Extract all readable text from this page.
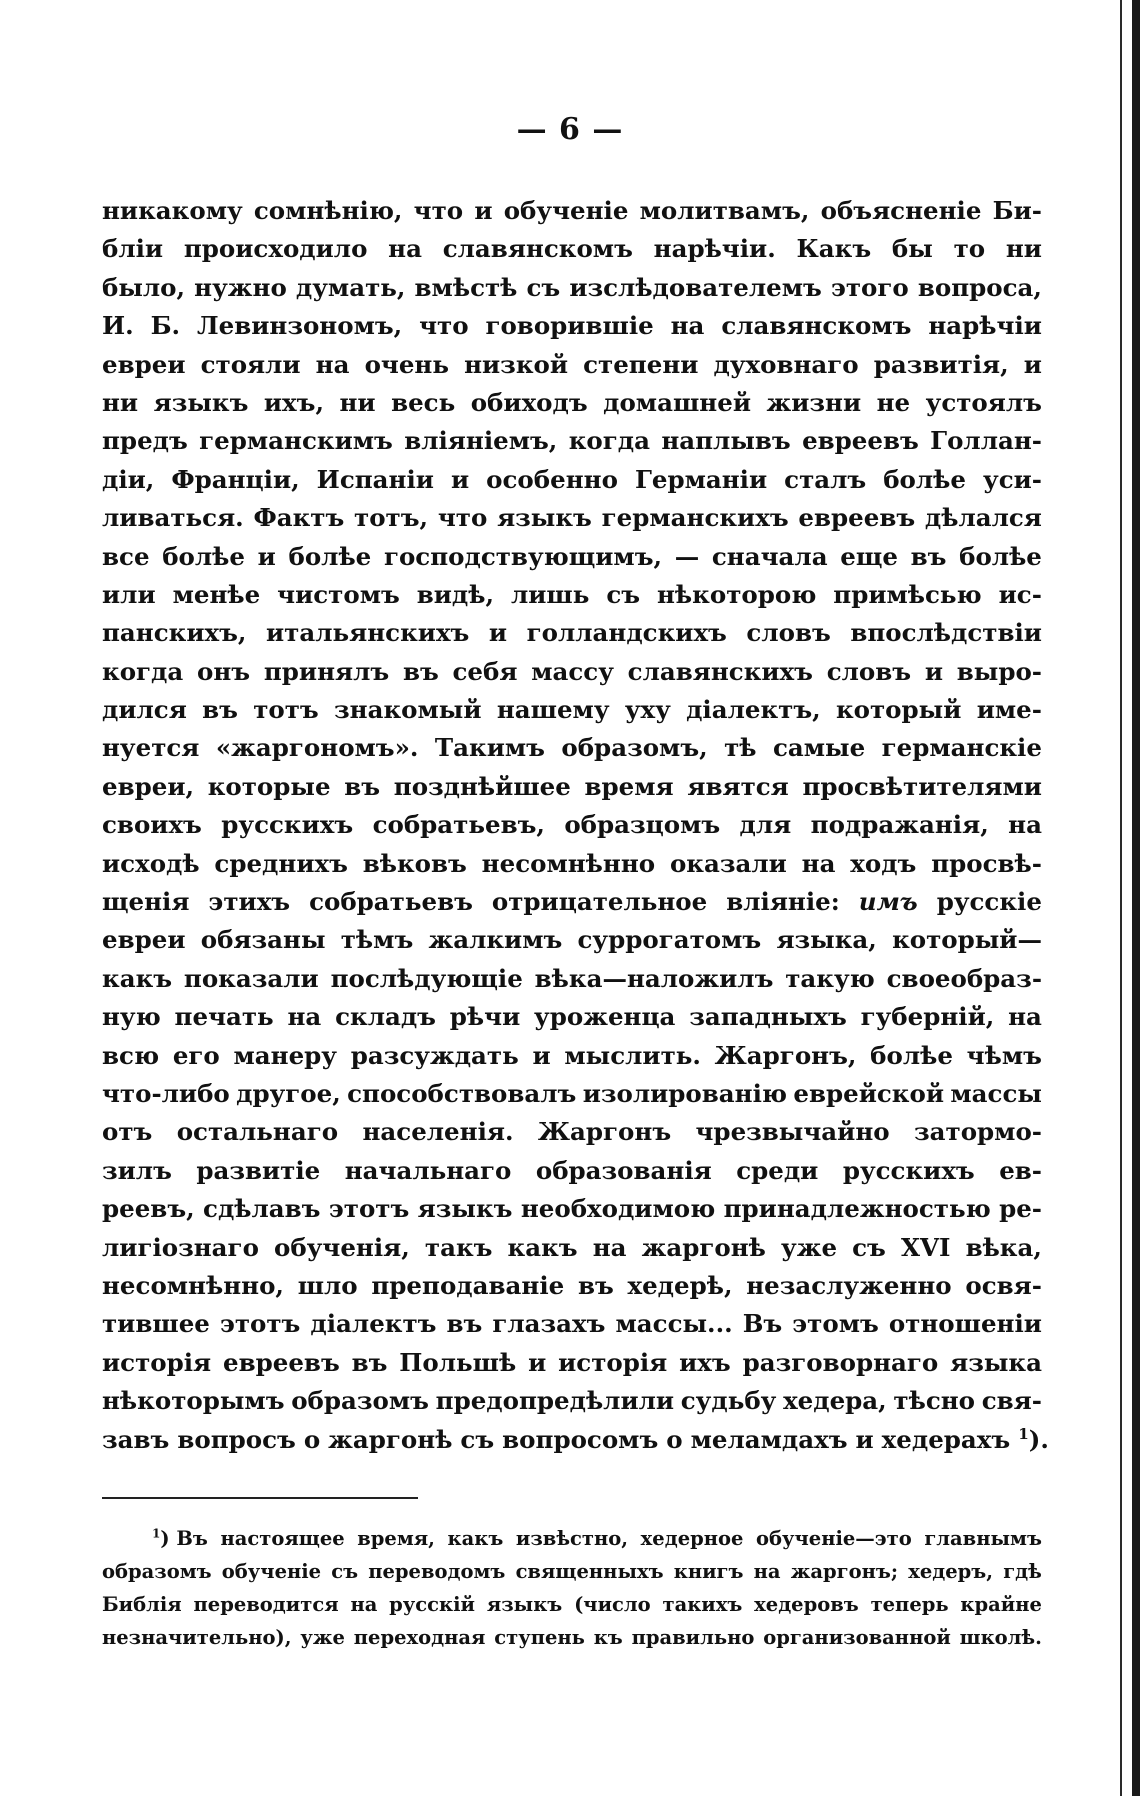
— 6 —
никакому сомнѣнію, что и обученіе молитвамъ, объясненіе Би-
бліи происходило на славянскомъ нарѣчіи. Какъ бы то ни
было, нужно думать, вмѣстѣ съ изслѣдователемъ этого вопроса,
И. Б. Левинзономъ, что говорившіе на славянскомъ нарѣчіи
евреи стояли на очень низкой степени духовнаго развитія, и
ни языкъ ихъ, ни весь обиходъ домашней жизни не устоялъ
предъ германскимъ вліяніемъ, когда наплывъ евреевъ Голлан-
діи, Франціи, Испаніи и особенно Германіи сталъ болѣе уси-
ливаться. Фактъ тотъ, что языкъ германскихъ евреевъ дѣлался
все болѣе и болѣе господствующимъ, — сначала еще въ болѣе
или менѣе чистомъ видѣ, лишь съ нѣкоторою примѣсью ис-
панскихъ, итальянскихъ и голландскихъ словъ впослѣдствіи
когда онъ принялъ въ себя массу славянскихъ словъ и выро-
дился въ тотъ знакомый нашему уху діалектъ, который име-
нуется «жаргономъ». Такимъ образомъ, тѣ самые германскіе
евреи, которые въ позднѣйшее время явятся просвѣтителями
своихъ русскихъ собратьевъ, образцомъ для подражанія, на
исходѣ среднихъ вѣковъ несомнѣнно оказали на ходъ просвѣ-
щенія этихъ собратьевъ отрицательное вліяніе: имъ русскіе
евреи обязаны тѣмъ жалкимъ суррогатомъ языка, который—
какъ показали послѣдующіе вѣка—наложилъ такую своеобраз-
ную печать на складъ рѣчи уроженца западныхъ губерній, на
всю его манеру разсуждать и мыслить. Жаргонъ, болѣе чѣмъ
что-либо другое, способствовалъ изолированію еврейской массы
отъ остальнаго населенія. Жаргонъ чрезвычайно затормо-
зилъ развитіе начальнаго образованія среди русскихъ ев-
реевъ, сдѣлавъ этотъ языкъ необходимою принадлежностью ре-
лигіознаго обученія, такъ какъ на жаргонѣ уже съ XVI вѣка,
несомнѣнно, шло преподаваніе въ хедерѣ, незаслуженно освя-
тившее этотъ діалектъ въ глазахъ массы... Въ этомъ отношеніи
исторія евреевъ въ Польшѣ и исторія ихъ разговорнаго языка
нѣкоторымъ образомъ предопредѣлили судьбу хедера, тѣсно свя-
завъ вопросъ о жаргонѣ съ вопросомъ о меламдахъ и хедерахъ $^1$).
$^1$) Въ настоящее время, какъ извѣстно, хедерное обученіе—это главнымъ
образомъ обученіе съ переводомъ священныхъ книгъ на жаргонъ; хедеръ, гдѣ
Библія переводится на русскій языкъ (число такихъ хедеровъ теперь крайне
незначительно), уже переходная ступень къ правильно организованной школѣ.
